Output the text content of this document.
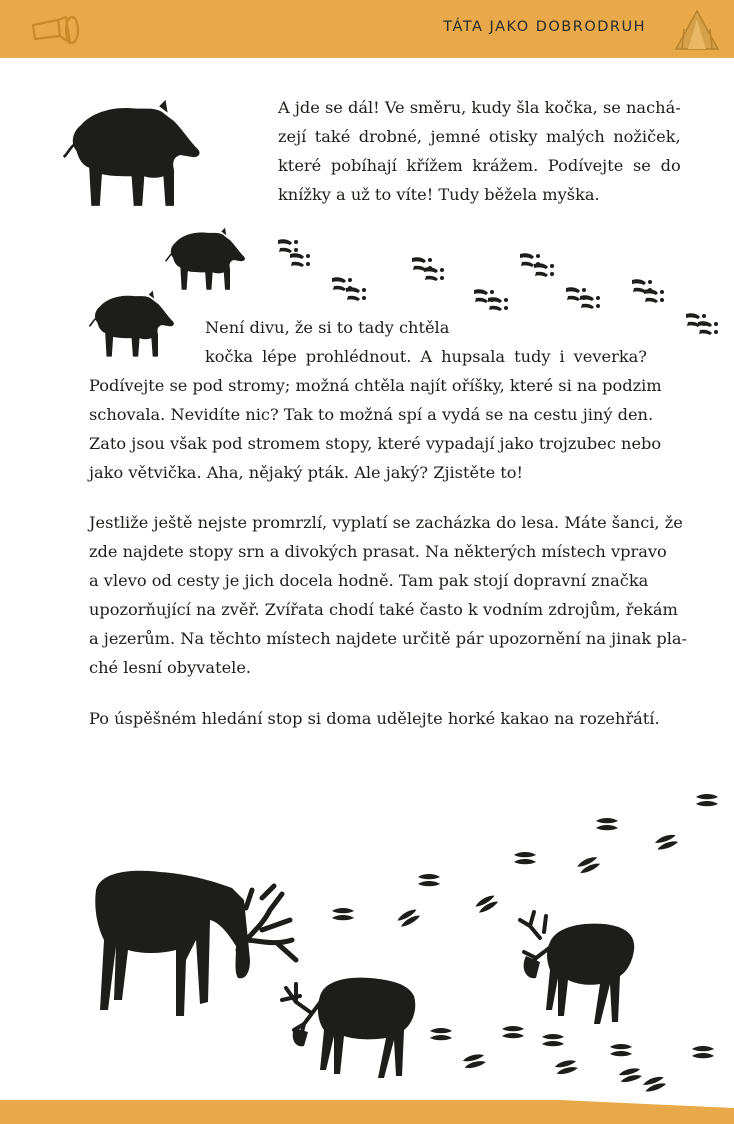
TÁTA JAKO DOBRODRUH
A jde se dál! Ve směru, kudy šla kočka, se nachá-
zejí také drobné, jemné otisky malých nožiček,
které pobíhají křížem krážem. Podívejte se do
knížky a už to víte! Tudy běžela myška.
Není divu, že si to tady chtěla
kočka lépe prohlédnout. A hupsala tudy i veverka?
Podívejte se pod stromy; možná chtěla najít oříšky, které si na podzim
schovala. Nevidíte nic? Tak to možná spí a vydá se na cestu jiný den.
Zato jsou však pod stromem stopy, které vypadají jako trojzubec nebo
jako větvička. Aha, nějaký pták. Ale jaký? Zjistěte to!
Jestliže ještě nejste promrzlí, vyplatí se zacházka do lesa. Máte šanci, že
zde najdete stopy srn a divokých prasat. Na některých místech vpravo
a vlevo od cesty je jich docela hodně. Tam pak stojí dopravní značka
upozorňující na zvěř. Zvířata chodí také často k vodním zdrojům, řekám
a jezerům. Na těchto místech najdete určitě pár upozornění na jinak pla-
ché lesní obyvatele.
Po úspěšném hledání stop si doma udělejte horké kakao na rozehřátí.
